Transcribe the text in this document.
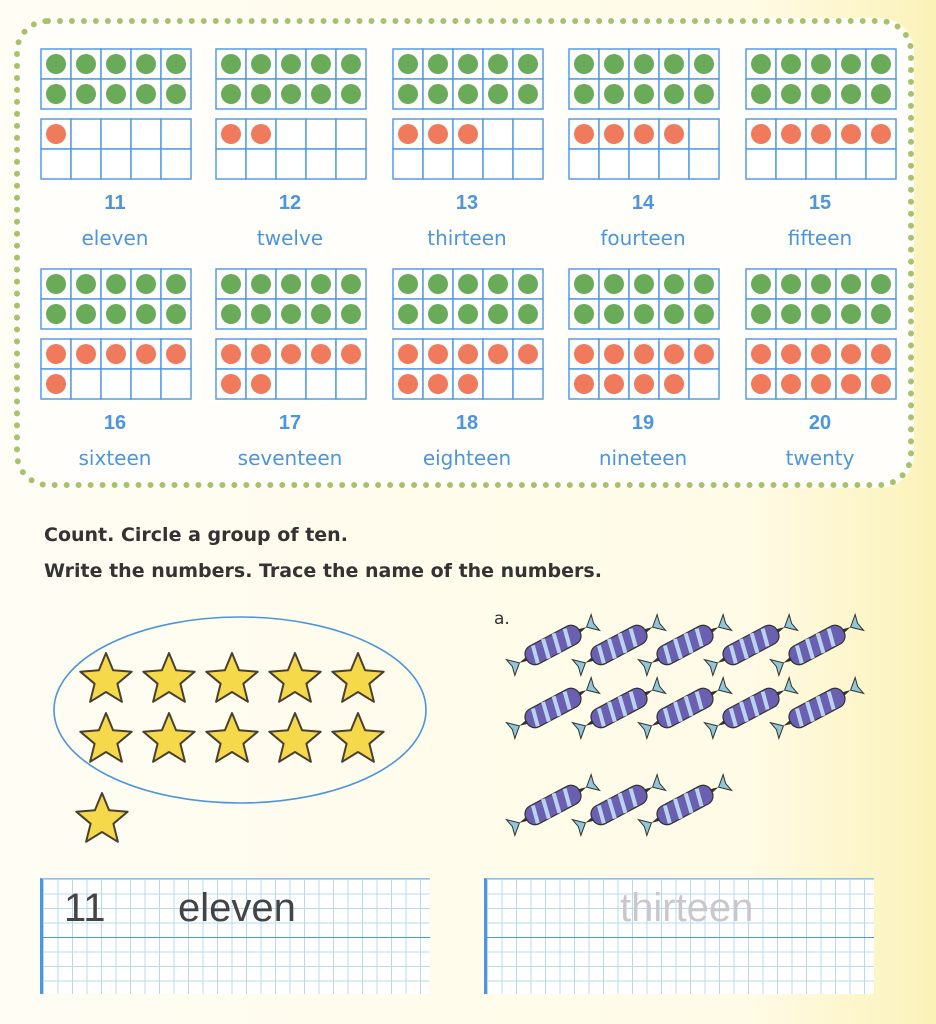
11
eleven
12
twelve
13
thirteen
14
fourteen
15
fifteen
16
sixteen
17
seventeen
18
eighteen
19
nineteen
20
twenty
Count. Circle a group of ten.
Write the numbers. Trace the name of the numbers.
a.
11 eleven	thirteen
